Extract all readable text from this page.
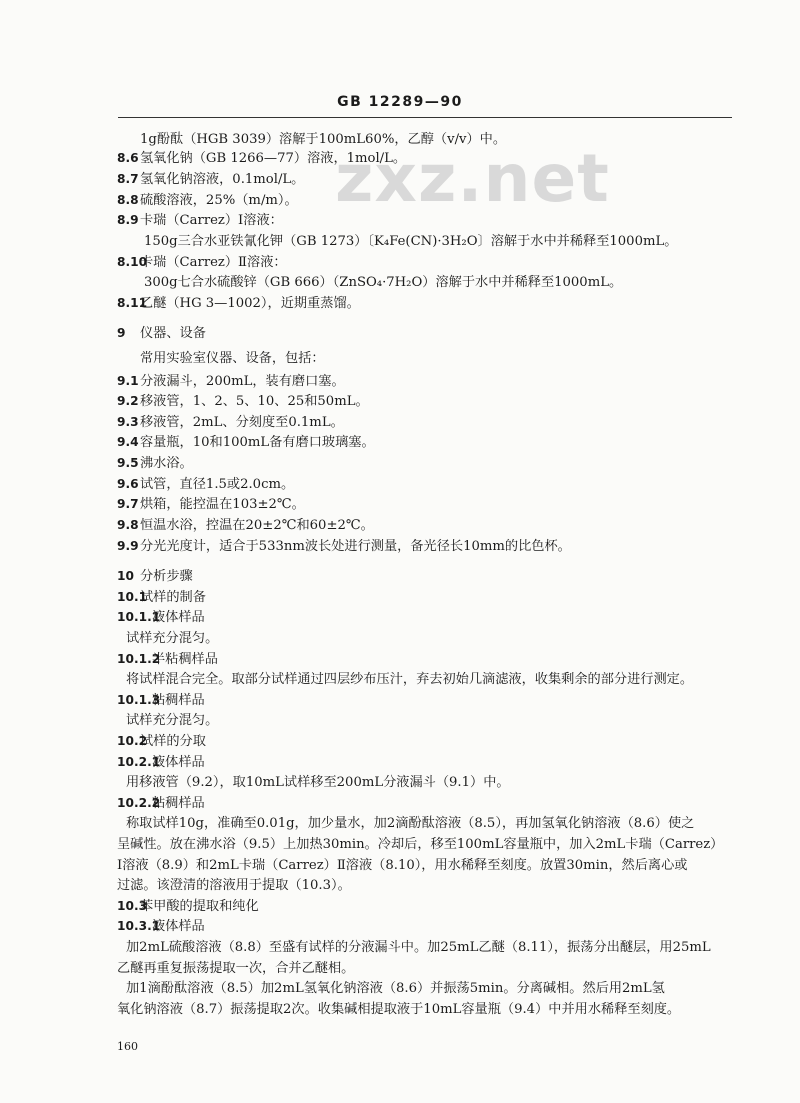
zxz.net
GB 12289—90
1g酚酞（HGB 3039）溶解于100mL60%，乙醇（v/v）中。
8.6 氢氧化钠（GB 1266—77）溶液，1mol/L。
8.7 氢氧化钠溶液，0.1mol/L。
8.8 硫酸溶液，25%（m/m）。
8.9 卡瑞（Carrez）Ⅰ溶液：
150g三合水亚铁氰化钾（GB 1273）〔K₄Fe(CN)·3H₂O〕溶解于水中并稀释至1000mL。
8.10
卡瑞（Carrez）Ⅱ溶液：
300g七合水硫酸锌（GB 666）（ZnSO₄·7H₂O）溶解于水中并稀释至1000mL。
8.11
乙醚（HG 3—1002），近期重蒸馏。
9 仪器、设备
常用实验室仪器、设备，包括：
9.1 分液漏斗，200mL，装有磨口塞。
9.2 移液管，1、2、5、10、25和50mL。
9.3 移液管，2mL、分刻度至0.1mL。
9.4 容量瓶，10和100mL备有磨口玻璃塞。
9.5 沸水浴。
9.6 试管，直径1.5或2.0cm。
9.7 烘箱，能控温在103±2℃。
9.8 恒温水浴，控温在20±2℃和60±2℃。
9.9 分光光度计，适合于533nm波长处进行测量，备光径长10mm的比色杯。
10 分析步骤
10.1
试样的制备
10.1.1
液体样品
试样充分混匀。
10.1.2
半粘稠样品
将试样混合完全。取部分试样通过四层纱布压汁，弃去初始几滴滤液，收集剩余的部分进行测定。
10.1.3
粘稠样品
试样充分混匀。
10.2
试样的分取
10.2.1
液体样品
用移液管（9.2），取10mL试样移至200mL分液漏斗（9.1）中。
10.2.2
粘稠样品
称取试样10g，准确至0.01g，加少量水，加2滴酚酞溶液（8.5），再加氢氧化钠溶液（8.6）使之
呈碱性。放在沸水浴（9.5）上加热30min。冷却后，移至100mL容量瓶中，加入2mL卡瑞（Carrez）
Ⅰ溶液（8.9）和2mL卡瑞（Carrez）Ⅱ溶液（8.10），用水稀释至刻度。放置30min，然后离心或
过滤。该澄清的溶液用于提取（10.3）。
10.3
苯甲酸的提取和纯化
10.3.1
液体样品
加2mL硫酸溶液（8.8）至盛有试样的分液漏斗中。加25mL乙醚（8.11），振荡分出醚层，用25mL
乙醚再重复振荡提取一次，合并乙醚相。
加1滴酚酞溶液（8.5）加2mL氢氧化钠溶液（8.6）并振荡5min。分离碱相。然后用2mL氢
氧化钠溶液（8.7）振荡提取2次。收集碱相提取液于10mL容量瓶（9.4）中并用水稀释至刻度。
160
